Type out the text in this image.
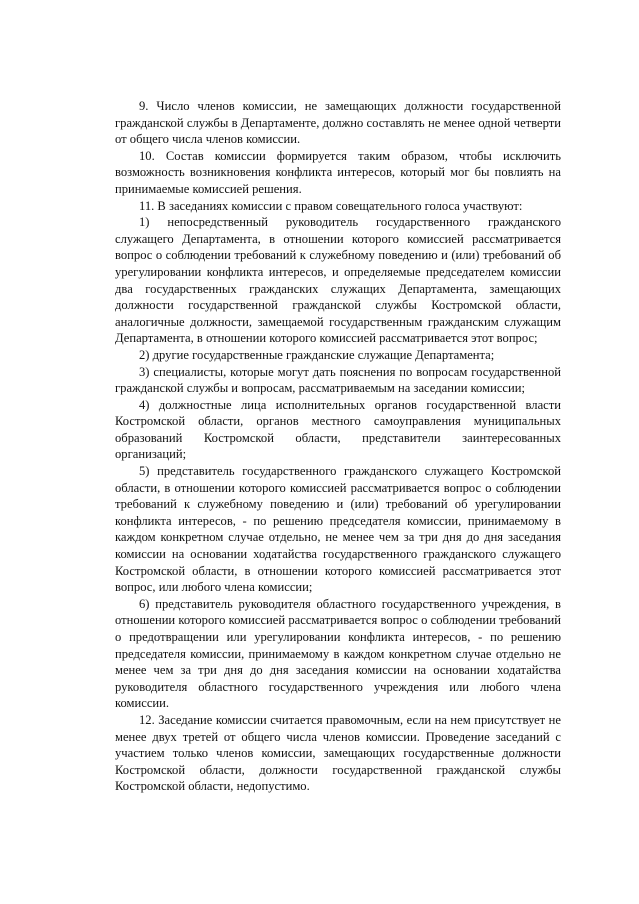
9. Число членов комиссии, не замещающих должности государственной гражданской службы в Департаменте, должно составлять не менее одной четверти от общего числа членов комиссии.

10. Состав комиссии формируется таким образом, чтобы исключить возможность возникновения конфликта интересов, который мог бы повлиять на принимаемые комиссией решения.

11. В заседаниях комиссии с правом совещательного голоса участвуют:

1) непосредственный руководитель государственного гражданского служащего Департамента, в отношении которого комиссией рассматривается вопрос о соблюдении требований к служебному поведению и (или) требований об урегулировании конфликта интересов, и определяемые председателем комиссии два государственных гражданских служащих Департамента, замещающих должности государственной гражданской службы Костромской области, аналогичные должности, замещаемой государственным гражданским служащим Департамента, в отношении которого комиссией рассматривается этот вопрос;

2) другие государственные гражданские служащие Департамента;

3) специалисты, которые могут дать пояснения по вопросам государственной гражданской службы и вопросам, рассматриваемым на заседании комиссии;

4) должностные лица исполнительных органов государственной власти Костромской области, органов местного самоуправления муниципальных образований Костромской области, представители заинтересованных организаций;

5) представитель государственного гражданского служащего Костромской области, в отношении которого комиссией рассматривается вопрос о соблюдении требований к служебному поведению и (или) требований об урегулировании конфликта интересов, - по решению председателя комиссии, принимаемому в каждом конкретном случае отдельно, не менее чем за три дня до дня заседания комиссии на основании ходатайства государственного гражданского служащего Костромской области, в отношении которого комиссией рассматривается этот вопрос, или любого члена комиссии;

6) представитель руководителя областного государственного учреждения, в отношении которого комиссией рассматривается вопрос о соблюдении требований о предотвращении или урегулировании конфликта интересов, - по решению председателя комиссии, принимаемому в каждом конкретном случае отдельно не менее чем за три дня до дня заседания комиссии на основании ходатайства руководителя областного государственного учреждения или любого члена комиссии.

12. Заседание комиссии считается правомочным, если на нем присутствует не менее двух третей от общего числа членов комиссии. Проведение заседаний с участием только членов комиссии, замещающих государственные должности Костромской области, должности государственной гражданской службы Костромской области, недопустимо.
